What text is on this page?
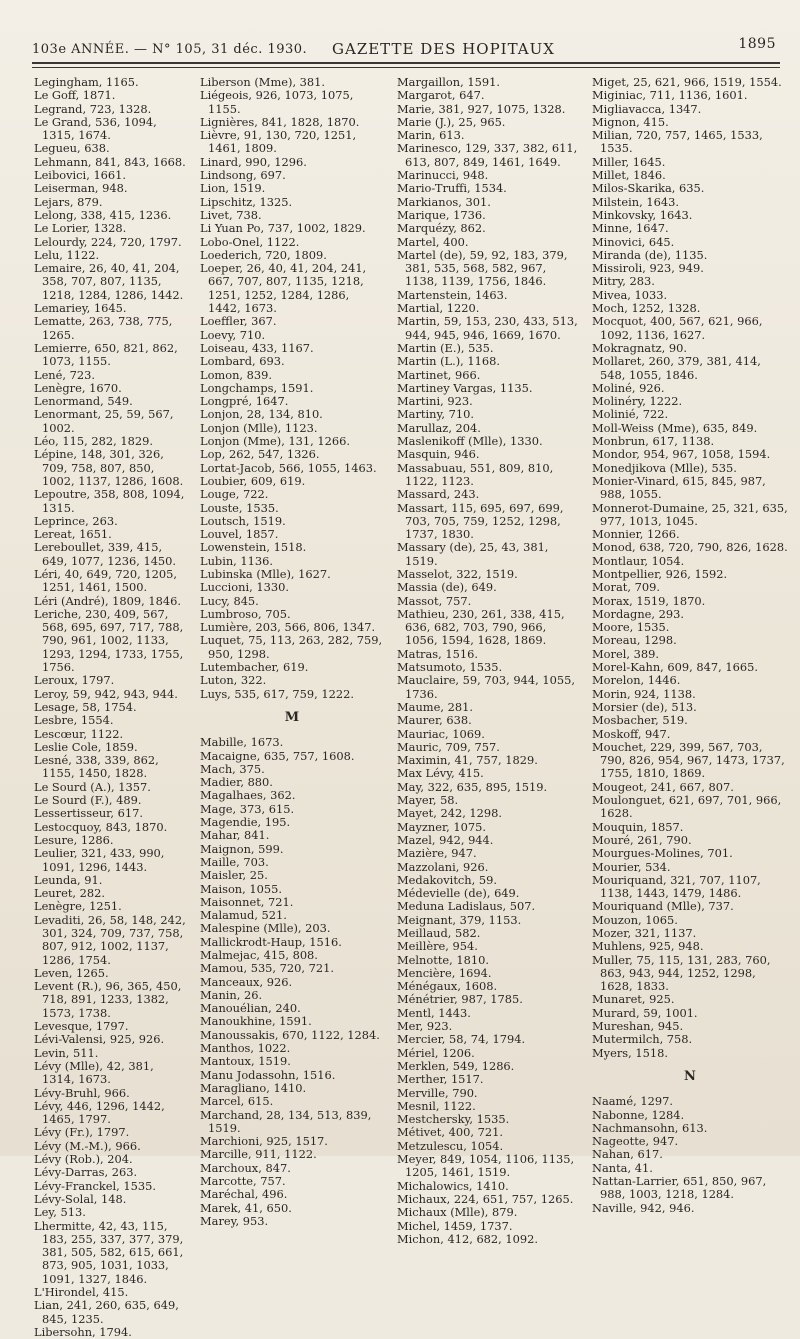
103e ANNÉE. — N° 105, 31 déc. 1930. GAZETTE DES HOPITAUX	1895
Legingham, 1165.
Le Goff, 1871.
Legrand, 723, 1328.
Le Grand, 536, 1094, 1315, 1674.
Legueu, 638.
Lehmann, 841, 843, 1668.
Leibovici, 1661.
Leiserman, 948.
Lejars, 879.
Lelong, 338, 415, 1236.
Le Lorier, 1328.
Lelourdy, 224, 720, 1797.
Lelu, 1122.
Lemaire, 26, 40, 41, 204, 358, 707, 807, 1135, 1218, 1284, 1286, 1442.
Lemariey, 1645.
Lematte, 263, 738, 775, 1265.
Lemierre, 650, 821, 862, 1073, 1155.
Lené, 723.
Lenègre, 1670.
Lenormand, 549.
Lenormant, 25, 59, 567, 1002.
Léo, 115, 282, 1829.
Lépine, 148, 301, 326, 709, 758, 807, 850, 1002, 1137, 1286, 1608.
Lepoutre, 358, 808, 1094, 1315.
Leprince, 263.
Lereat, 1651.
Lereboullet, 339, 415, 649, 1077, 1236, 1450.
Léri, 40, 649, 720, 1205, 1251, 1461, 1500.
Léri (André), 1809, 1846.
Leriche, 230, 409, 567, 568, 695, 697, 717, 788, 790, 961, 1002, 1133, 1293, 1294, 1733, 1755, 1756.
Leroux, 1797.
Leroy, 59, 942, 943, 944.
Lesage, 58, 1754.
Lesbre, 1554.
Lescœur, 1122.
Leslie Cole, 1859.
Lesné, 338, 339, 862, 1155, 1450, 1828.
Le Sourd (A.), 1357.
Le Sourd (F.), 489.
Lessertisseur, 617.
Lestocquoy, 843, 1870.
Lesure, 1286.
Leulier, 321, 433, 990, 1091, 1296, 1443.
Leunda, 91.
Leuret, 282.
Lenègre, 1251.
Levaditi, 26, 58, 148, 242, 301, 324, 709, 737, 758, 807, 912, 1002, 1137, 1286, 1754.
Leven, 1265.
Levent (R.), 96, 365, 450, 718, 891, 1233, 1382, 1573, 1738.
Levesque, 1797.
Lévi-Valensi, 925, 926.
Levin, 511.
Lévy (Mlle), 42, 381, 1314, 1673.
Lévy-Bruhl, 966.
Lévy, 446, 1296, 1442, 1465, 1797.
Lévy (Fr.), 1797.
Lévy (M.-M.), 966.
Lévy (Rob.), 204.
Lévy-Darras, 263.
Lévy-Franckel, 1535.
Lévy-Solal, 148.
Ley, 513.
Lhermitte, 42, 43, 115, 183, 255, 337, 377, 379, 381, 505, 582, 615, 661, 873, 905, 1031, 1033, 1091, 1327, 1846.
L'Hirondel, 415.
Lian, 241, 260, 635, 649, 845, 1235.
Libersohn, 1794.
Liberson (Mme), 381.
Liégeois, 926, 1073, 1075, 1155.
Lignières, 841, 1828, 1870.
Lièvre, 91, 130, 720, 1251, 1461, 1809.
Linard, 990, 1296.
Lindsong, 697.
Lion, 1519.
Lipschitz, 1325.
Livet, 738.
Li Yuan Po, 737, 1002, 1829.
Lobo-Onel, 1122.
Loederich, 720, 1809.
Loeper, 26, 40, 41, 204, 241, 667, 707, 807, 1135, 1218, 1251, 1252, 1284, 1286, 1442, 1673.
Loeffler, 367.
Loevy, 710.
Loiseau, 433, 1167.
Lombard, 693.
Lomon, 839.
Longchamps, 1591.
Longpré, 1647.
Lonjon, 28, 134, 810.
Lonjon (Mlle), 1123.
Lonjon (Mme), 131, 1266.
Lop, 262, 547, 1326.
Lortat-Jacob, 566, 1055, 1463.
Loubier, 609, 619.
Louge, 722.
Louste, 1535.
Loutsch, 1519.
Louvel, 1857.
Lowenstein, 1518.
Lubin, 1136.
Lubinska (Mlle), 1627.
Luccioni, 1330.
Lucy, 845.
Lumbroso, 705.
Lumière, 203, 566, 806, 1347.
Luquet, 75, 113, 263, 282, 759, 950, 1298.
Lutembacher, 619.
Luton, 322.
Luys, 535, 617, 759, 1222.
M
Mabille, 1673.
Macaigne, 635, 757, 1608.
Mach, 375.
Madier, 880.
Magalhaes, 362.
Mage, 373, 615.
Magendie, 195.
Mahar, 841.
Maignon, 599.
Maille, 703.
Maisler, 25.
Maison, 1055.
Maisonnet, 721.
Malamud, 521.
Malespine (Mlle), 203.
Mallickrodt-Haup, 1516.
Malmejac, 415, 808.
Mamou, 535, 720, 721.
Manceaux, 926.
Manin, 26.
Manouélian, 240.
Manoukhine, 1591.
Manoussakis, 670, 1122, 1284.
Manthos, 1022.
Mantoux, 1519.
Manu Jodassohn, 1516.
Maragliano, 1410.
Marcel, 615.
Marchand, 28, 134, 513, 839, 1519.
Marchioni, 925, 1517.
Marcille, 911, 1122.
Marchoux, 847.
Marcotte, 757.
Maréchal, 496.
Marek, 41, 650.
Marey, 953.
Margaillon, 1591.
Margarot, 647.
Marie, 381, 927, 1075, 1328.
Marie (J.), 25, 965.
Marin, 613.
Marinesco, 129, 337, 382, 611, 613, 807, 849, 1461, 1649.
Marinucci, 948.
Mario-Truffi, 1534.
Markianos, 301.
Marique, 1736.
Marquézy, 862.
Martel, 400.
Martel (de), 59, 92, 183, 379, 381, 535, 568, 582, 967, 1138, 1139, 1756, 1846.
Martenstein, 1463.
Martial, 1220.
Martin, 59, 153, 230, 433, 513, 944, 945, 946, 1669, 1670.
Martin (E.), 535.
Martin (L.), 1168.
Martinet, 966.
Martiney Vargas, 1135.
Martini, 923.
Martiny, 710.
Marullaz, 204.
Maslenikoff (Mlle), 1330.
Masquin, 946.
Massabuau, 551, 809, 810, 1122, 1123.
Massard, 243.
Massart, 115, 695, 697, 699, 703, 705, 759, 1252, 1298, 1737, 1830.
Massary (de), 25, 43, 381, 1519.
Masselot, 322, 1519.
Massia (de), 649.
Massot, 757.
Mathieu, 230, 261, 338, 415, 636, 682, 703, 790, 966, 1056, 1594, 1628, 1869.
Matras, 1516.
Matsumoto, 1535.
Mauclaire, 59, 703, 944, 1055, 1736.
Maume, 281.
Maurer, 638.
Mauriac, 1069.
Mauric, 709, 757.
Maximin, 41, 757, 1829.
Max Lévy, 415.
May, 322, 635, 895, 1519.
Mayer, 58.
Mayet, 242, 1298.
Mayzner, 1075.
Mazel, 942, 944.
Mazière, 947.
Mazzolani, 926.
Medakovitch, 59.
Médevielle (de), 649.
Meduna Ladislaus, 507.
Meignant, 379, 1153.
Meillaud, 582.
Meillère, 954.
Melnotte, 1810.
Mencière, 1694.
Ménégaux, 1608.
Ménétrier, 987, 1785.
Mentl, 1443.
Mer, 923.
Mercier, 58, 74, 1794.
Mériel, 1206.
Merklen, 549, 1286.
Merther, 1517.
Merville, 790.
Mesnil, 1122.
Mestchersky, 1535.
Métivet, 400, 721.
Metzulescu, 1054.
Meyer, 849, 1054, 1106, 1135, 1205, 1461, 1519.
Michalowics, 1410.
Michaux, 224, 651, 757, 1265.
Michaux (Mlle), 879.
Michel, 1459, 1737.
Michon, 412, 682, 1092.
Miget, 25, 621, 966, 1519, 1554.
Miginiac, 711, 1136, 1601.
Migliavacca, 1347.
Mignon, 415.
Milian, 720, 757, 1465, 1533, 1535.
Miller, 1645.
Millet, 1846.
Milos-Skarika, 635.
Milstein, 1643.
Minkovsky, 1643.
Minne, 1647.
Minovici, 645.
Miranda (de), 1135.
Missiroli, 923, 949.
Mitry, 283.
Mivea, 1033.
Moch, 1252, 1328.
Mocquot, 400, 567, 621, 966, 1092, 1136, 1627.
Mokragnatz, 90.
Mollaret, 260, 379, 381, 414, 548, 1055, 1846.
Moliné, 926.
Molinéry, 1222.
Molinié, 722.
Moll-Weiss (Mme), 635, 849.
Monbrun, 617, 1138.
Mondor, 954, 967, 1058, 1594.
Monedjikova (Mlle), 535.
Monier-Vinard, 615, 845, 987, 988, 1055.
Monnerot-Dumaine, 25, 321, 635, 977, 1013, 1045.
Monnier, 1266.
Monod, 638, 720, 790, 826, 1628.
Montlaur, 1054.
Montpellier, 926, 1592.
Morat, 709.
Morax, 1519, 1870.
Mordagne, 293.
Moore, 1535.
Moreau, 1298.
Morel, 389.
Morel-Kahn, 609, 847, 1665.
Morelon, 1446.
Morin, 924, 1138.
Morsier (de), 513.
Mosbacher, 519.
Moskoff, 947.
Mouchet, 229, 399, 567, 703, 790, 826, 954, 967, 1473, 1737, 1755, 1810, 1869.
Mougeot, 241, 667, 807.
Moulonguet, 621, 697, 701, 966, 1628.
Mouquin, 1857.
Mouré, 261, 790.
Mourgues-Molines, 701.
Mourier, 534.
Mouriquand, 321, 707, 1107, 1138, 1443, 1479, 1486.
Mouriquand (Mlle), 737.
Mouzon, 1065.
Mozer, 321, 1137.
Muhlens, 925, 948.
Muller, 75, 115, 131, 283, 760, 863, 943, 944, 1252, 1298, 1628, 1833.
Munaret, 925.
Murard, 59, 1001.
Mureshan, 945.
Mutermilch, 758.
Myers, 1518.
N
Naamé, 1297.
Nabonne, 1284.
Nachmansohn, 613.
Nageotte, 947.
Nahan, 617.
Nanta, 41.
Nattan-Larrier, 651, 850, 967, 988, 1003, 1218, 1284.
Naville, 942, 946.
